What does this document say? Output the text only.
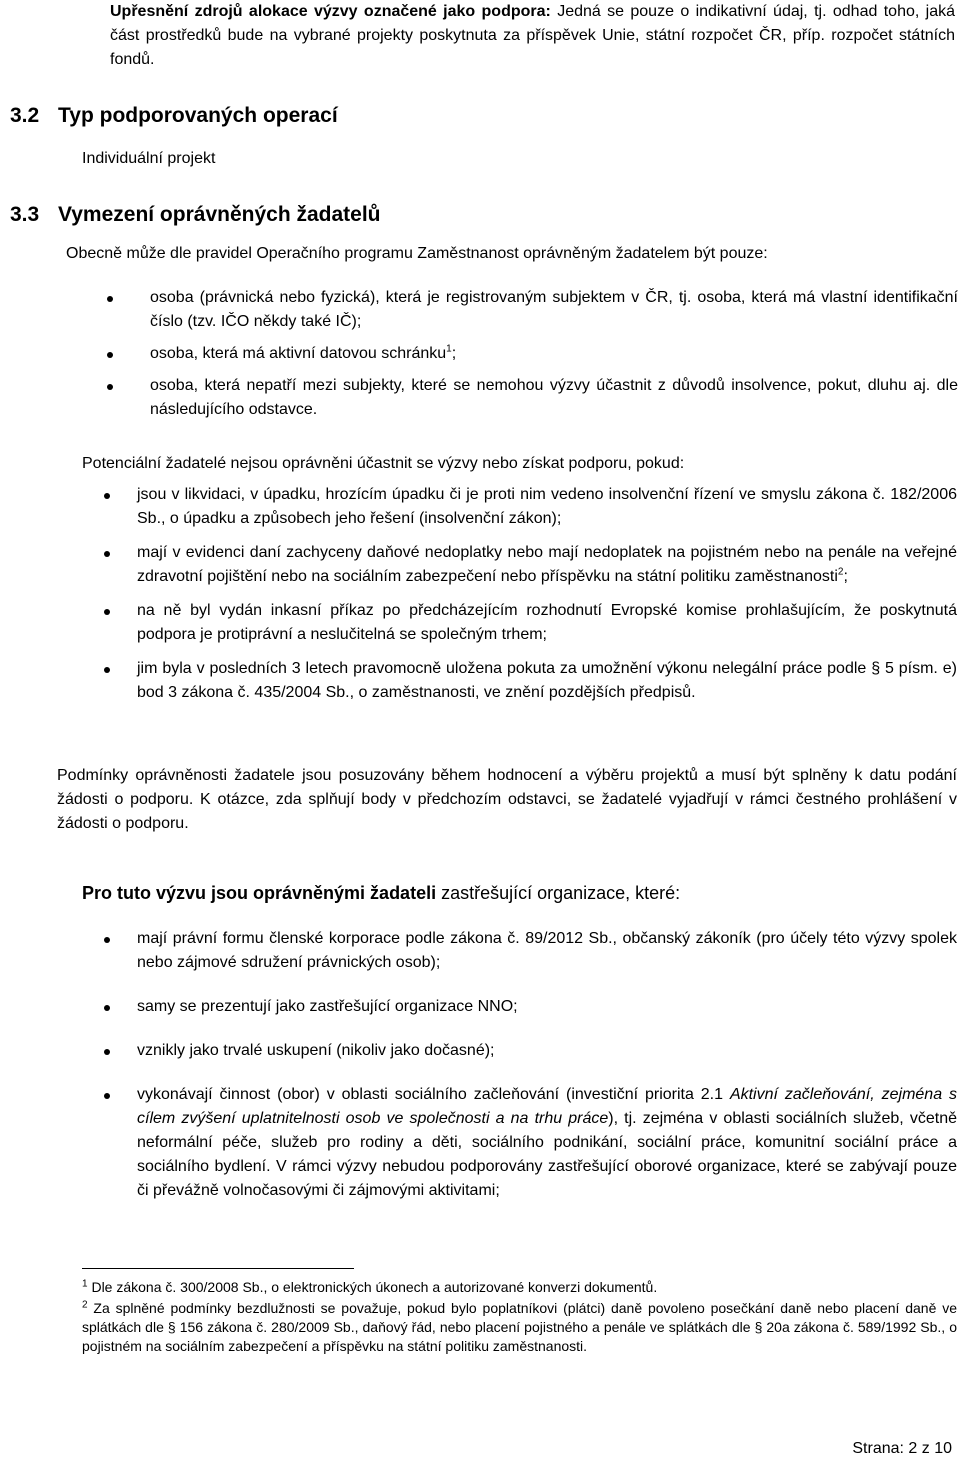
Upřesnění zdrojů alokace výzvy označené jako podpora: Jedná se pouze o indikativní údaj, tj. odhad toho, jaká část prostředků bude na vybrané projekty poskytnuta za příspěvek Unie, státní rozpočet ČR, příp. rozpočet státních fondů.
3.2 Typ podporovaných operací
Individuální projekt
3.3 Vymezení oprávněných žadatelů
Obecně může dle pravidel Operačního programu Zaměstnanost oprávněným žadatelem být pouze:
osoba (právnická nebo fyzická), která je registrovaným subjektem v ČR, tj. osoba, která má vlastní identifikační číslo (tzv. IČO někdy také IČ);
osoba, která má aktivní datovou schránku$^1$;
osoba, která nepatří mezi subjekty, které se nemohou výzvy účastnit z důvodů insolvence, pokut, dluhu aj. dle následujícího odstavce.
Potenciální žadatelé nejsou oprávněni účastnit se výzvy nebo získat podporu, pokud:
jsou v likvidaci, v úpadku, hrozícím úpadku či je proti nim vedeno insolvenční řízení ve smyslu zákona č. 182/2006 Sb., o úpadku a způsobech jeho řešení (insolvenční zákon);
mají v evidenci daní zachyceny daňové nedoplatky nebo mají nedoplatek na pojistném nebo na penále na veřejné zdravotní pojištění nebo na sociálním zabezpečení nebo příspěvku na státní politiku zaměstnanosti$^2$;
na ně byl vydán inkasní příkaz po předcházejícím rozhodnutí Evropské komise prohlašujícím, že poskytnutá podpora je protiprávní a neslučitelná se společným trhem;
jim byla v posledních 3 letech pravomocně uložena pokuta za umožnění výkonu nelegální práce podle § 5 písm. e) bod 3 zákona č. 435/2004 Sb., o zaměstnanosti, ve znění pozdějších předpisů.
Podmínky oprávněnosti žadatele jsou posuzovány během hodnocení a výběru projektů a musí být splněny k datu podání žádosti o podporu. K otázce, zda splňují body v předchozím odstavci, se žadatelé vyjadřují v rámci čestného prohlášení v žádosti o podporu.
Pro tuto výzvu jsou oprávněnými žadateli zastřešující organizace, které:
mají právní formu členské korporace podle zákona č. 89/2012 Sb., občanský zákoník (pro účely této výzvy spolek nebo zájmové sdružení právnických osob);
samy se prezentují jako zastřešující organizace NNO;
vznikly jako trvalé uskupení (nikoliv jako dočasné);
vykonávají činnost (obor) v oblasti sociálního začleňování (investiční priorita 2.1 Aktivní začleňování, zejména s cílem zvýšení uplatnitelnosti osob ve společnosti a na trhu práce), tj. zejména v oblasti sociálních služeb, včetně neformální péče, služeb pro rodiny a děti, sociálního podnikání, sociální práce, komunitní sociální práce a sociálního bydlení. V rámci výzvy nebudou podporovány zastřešující oborové organizace, které se zabývají pouze či převážně volnočasovými či zájmovými aktivitami;
$^1$ Dle zákona č. 300/2008 Sb., o elektronických úkonech a autorizované konverzi dokumentů.
$^2$ Za splněné podmínky bezdlužnosti se považuje, pokud bylo poplatníkovi (plátci) daně povoleno posečkání daně nebo placení daně ve splátkách dle § 156 zákona č. 280/2009 Sb., daňový řád, nebo placení pojistného a penále ve splátkách dle § 20a zákona č. 589/1992 Sb., o pojistném na sociálním zabezpečení a příspěvku na státní politiku zaměstnanosti.
Strana: 2 z 10
